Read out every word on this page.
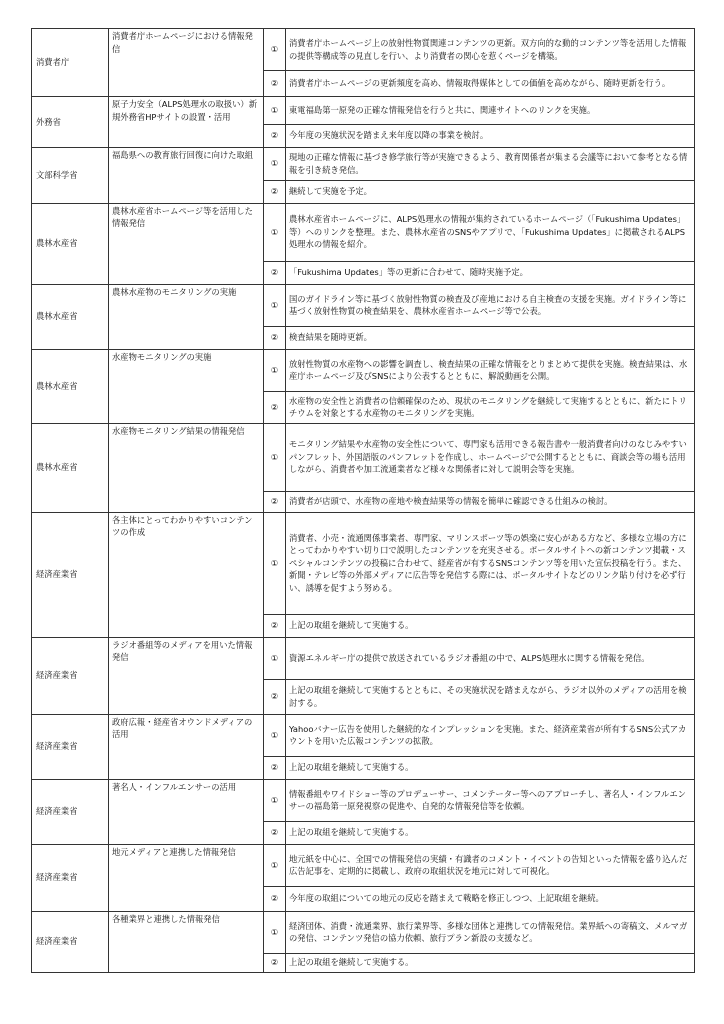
消費者庁	消費者庁ホームページにおける情報発信	①	消費者庁ホームページ上の放射性物質関連コンテンツの更新。双方向的な動的コンテンツ等を活用した情報の提供等構成等の見直しを行い、より消費者の関心を惹くページを構築。
		②	消費者庁ホームページの更新頻度を高め、情報取得媒体としての価値を高めながら、随時更新を行う。
外務省	原子力安全（ALPS処理水の取扱い）新規外務省HPサイトの設置・活用	①	東電福島第一原発の正確な情報発信を行うと共に、関連サイトへのリンクを実施。
		②	今年度の実施状況を踏まえ来年度以降の事業を検討。
文部科学省	福島県への教育旅行回復に向けた取組	①	現地の正確な情報に基づき修学旅行等が実施できるよう、教育関係者が集まる会議等において参考となる情報を引き続き発信。
		②	継続して実施を予定。
農林水産省	農林水産省ホームページ等を活用した情報発信	①	農林水産省ホームページに、ALPS処理水の情報が集約されているホームページ（「Fukushima Updates」等）へのリンクを整理。また、農林水産省のSNSやアプリで、「Fukushima Updates」に掲載されるALPS処理水の情報を紹介。
		②	「Fukushima Updates」等の更新に合わせて、随時実施予定。
農林水産省	農林水産物のモニタリングの実施	①	国のガイドライン等に基づく放射性物質の検査及び産地における自主検査の支援を実施。ガイドライン等に基づく放射性物質の検査結果を、農林水産省ホームページ等で公表。
		②	検査結果を随時更新。
農林水産省	水産物モニタリングの実施	①	放射性物質の水産物への影響を調査し、検査結果の正確な情報をとりまとめて提供を実施。検査結果は、水産庁ホームページ及びSNSにより公表するとともに、解説動画を公開。
		②	水産物の安全性と消費者の信頼確保のため、現状のモニタリングを継続して実施するとともに、新たにトリチウムを対象とする水産物のモニタリングを実施。
農林水産省	水産物モニタリング結果の情報発信	①	モニタリング結果や水産物の安全性について、専門家も活用できる報告書や一般消費者向けのなじみやすいパンフレット、外国語版のパンフレットを作成し、ホームページで公開するとともに、商談会等の場も活用しながら、消費者や加工流通業者など様々な関係者に対して説明会等を実施。
		②	消費者が店頭で、水産物の産地や検査結果等の情報を簡単に確認できる仕組みの検討。
経済産業省	各主体にとってわかりやすいコンテンツの作成	①	消費者、小売・流通関係事業者、専門家、マリンスポーツ等の娯楽に安心がある方など、多様な立場の方にとってわかりやすい切り口で説明したコンテンツを充実させる。ポータルサイトへの新コンテンツ掲載・スペシャルコンテンツの投稿に合わせて、経産省が有するSNSコンテンツ等を用いた宣伝投稿を行う。また、新聞・テレビ等の外部メディアに広告等を発信する際には、ポータルサイトなどのリンク貼り付けを必ず行い、誘導を促すよう努める。
		②	上記の取組を継続して実施する。
経済産業省	ラジオ番組等のメディアを用いた情報発信	①	資源エネルギー庁の提供で放送されているラジオ番組の中で、ALPS処理水に関する情報を発信。
		②	上記の取組を継続して実施するとともに、その実施状況を踏まえながら、ラジオ以外のメディアの活用を検討する。
経済産業省	政府広報・経産省オウンドメディアの活用	①	Yahooバナー広告を使用した継続的なインプレッションを実施。また、経済産業省が所有するSNS公式アカウントを用いた広報コンテンツの拡散。
		②	上記の取組を継続して実施する。
経済産業省	著名人・インフルエンサーの活用	①	情報番組やワイドショー等のプロデューサー、コメンテーター等へのアプローチし、著名人・インフルエンサーの福島第一原発視察の促進や、自発的な情報発信等を依頼。
		②	上記の取組を継続して実施する。
経済産業省	地元メディアと連携した情報発信	①	地元紙を中心に、全国での情報発信の実績・有識者のコメント・イベントの告知といった情報を盛り込んだ広告記事を、定期的に掲載し、政府の取組状況を地元に対して可視化。
		②	今年度の取組についての地元の反応を踏まえて戦略を修正しつつ、上記取組を継続。
経済産業省	各種業界と連携した情報発信	①	経済団体、消費・流通業界、旅行業界等、多様な団体と連携しての情報発信。業界紙への寄稿文、メルマガの発信、コンテンツ発信の協力依頼、旅行プラン新設の支援など。
		②	上記の取組を継続して実施する。
